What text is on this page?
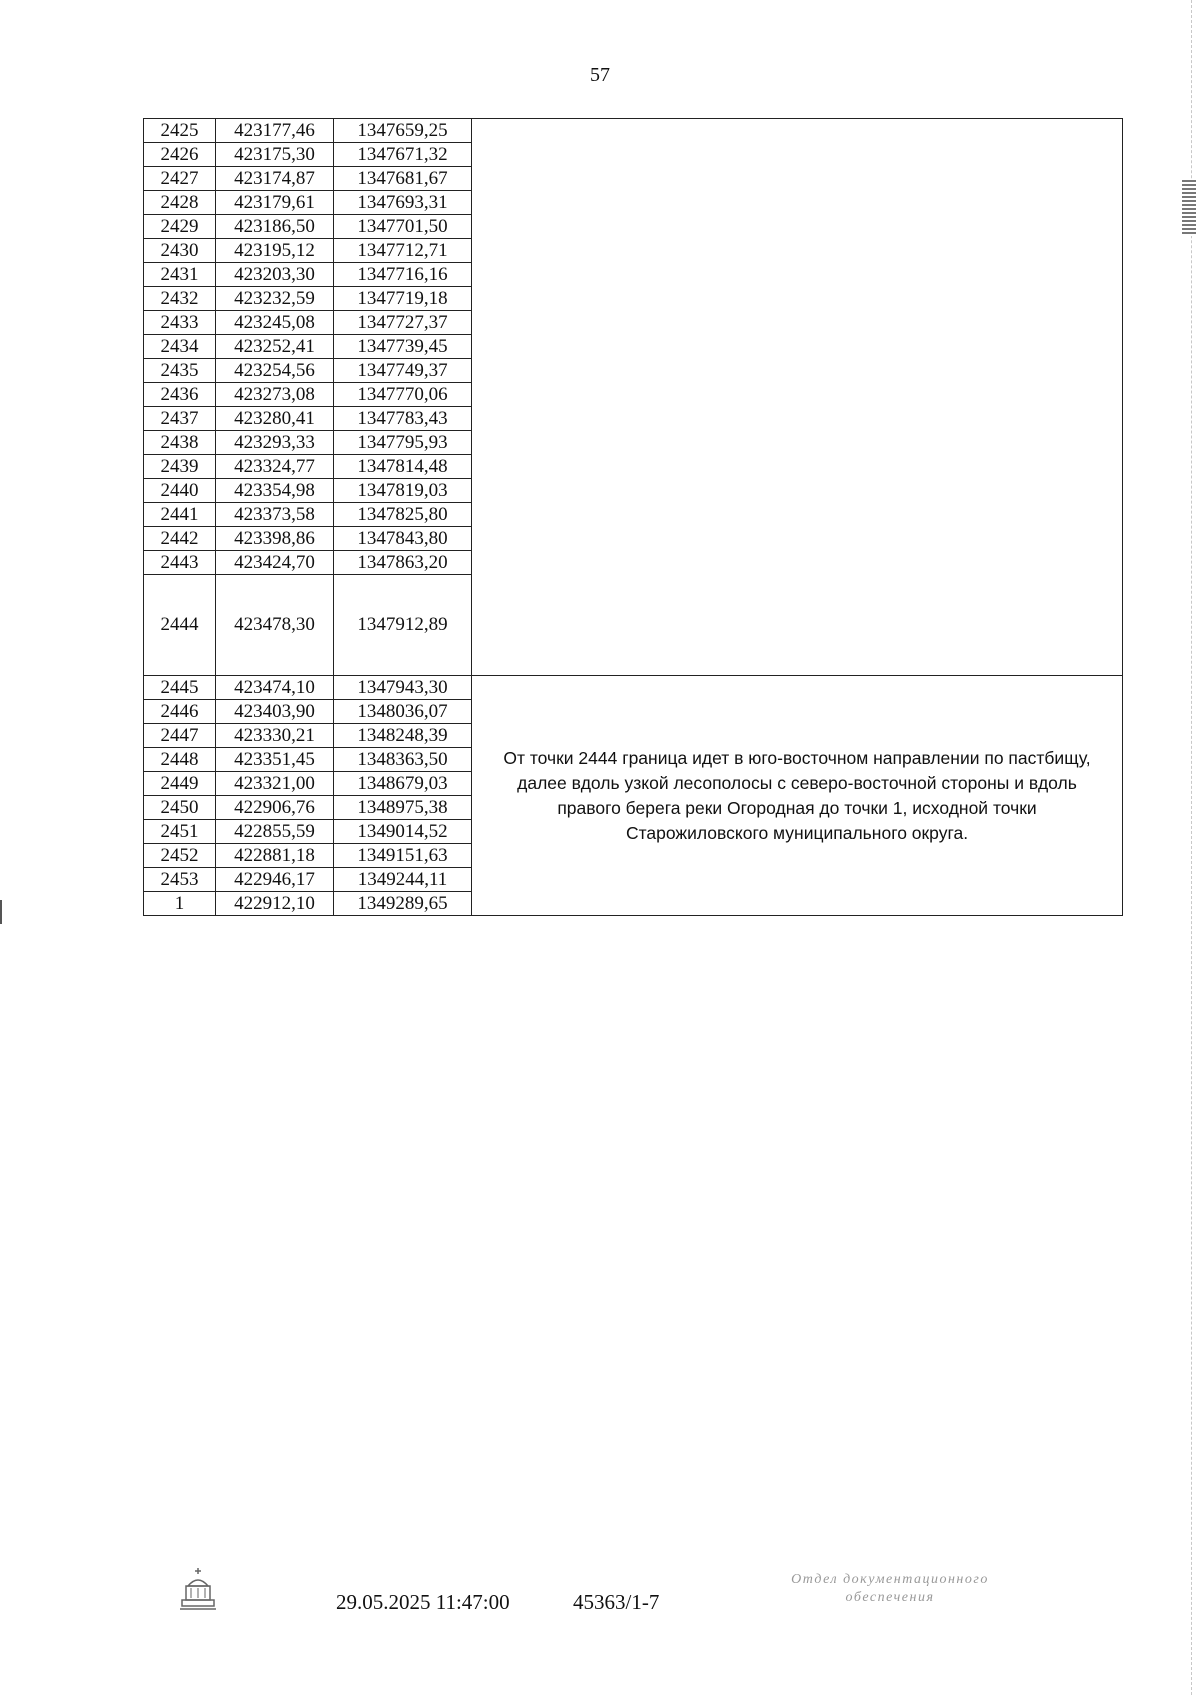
57
2425	423177,46	1347659,25	
2426	423175,30	1347671,32	
2427	423174,87	1347681,67	
2428	423179,61	1347693,31	
2429	423186,50	1347701,50	
2430	423195,12	1347712,71	
2431	423203,30	1347716,16	
2432	423232,59	1347719,18	
2433	423245,08	1347727,37	
2434	423252,41	1347739,45	
2435	423254,56	1347749,37	
2436	423273,08	1347770,06	
2437	423280,41	1347783,43	
2438	423293,33	1347795,93	
2439	423324,77	1347814,48	
2440	423354,98	1347819,03	
2441	423373,58	1347825,80	
2442	423398,86	1347843,80	
2443	423424,70	1347863,20	
2444	423478,30	1347912,89	
2445	423474,10	1347943,30	От точки 2444 граница идет в юго-восточном направлении по пастбищу, далее вдоль узкой лесополосы с северо-восточной стороны и вдоль правого берега реки Огородная до точки 1, исходной точки Старожиловского муниципального округа.
2446	423403,90	1348036,07	
2447	423330,21	1348248,39	
2448	423351,45	1348363,50	
2449	423321,00	1348679,03	
2450	422906,76	1348975,38	
2451	422855,59	1349014,52	
2452	422881,18	1349151,63	
2453	422946,17	1349244,11	
1	422912,10	1349289,65	
29.05.2025 11:47:00	45363/1-7
Отдел документационного
обеспечения
